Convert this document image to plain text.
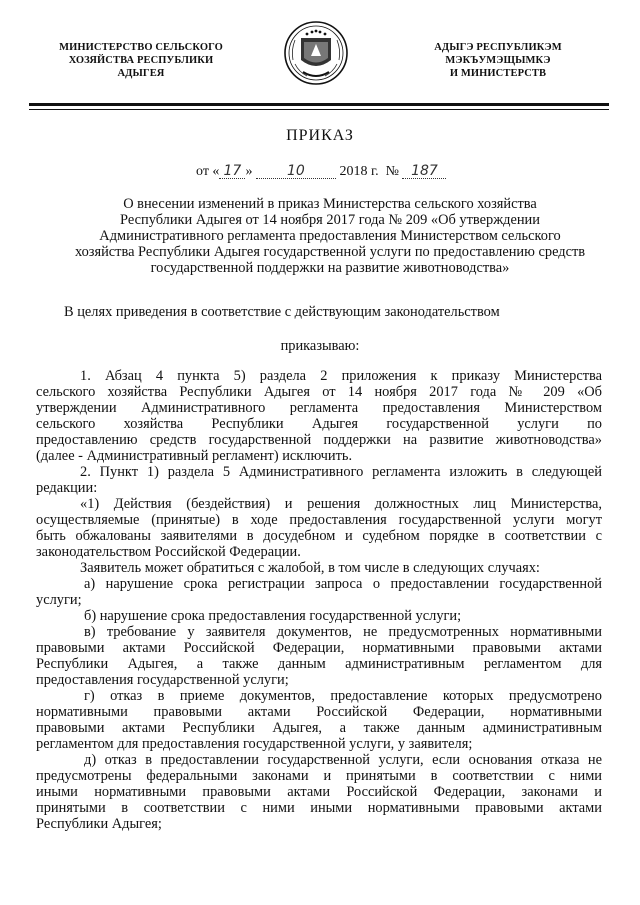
МИНИСТЕРСТВО СЕЛЬСКОГО
ХОЗЯЙСТВА РЕСПУБЛИКИ
АДЫГЕЯ
АДЫГЭ РЕСПУБЛИКЭМ
МЭКЪУМЭЩЫМКЭ
И МИНИСТЕРСТВ
ПРИКАЗ
от « 17 » 10 2018 г. № 187
О внесении изменений в приказ Министерства сельского хозяйства
Республики Адыгея от 14 ноября 2017 года № 209 «Об утверждении
Административного регламента предоставления Министерством сельского
хозяйства Республики Адыгея государственной услуги по предоставлению средств
государственной поддержки на развитие животноводства»
В целях приведения в соответствие с действующим законодательством
приказываю:
1. Абзац 4 пункта 5) раздела 2 приложения к приказу Министерства
сельского хозяйства Республики Адыгея от 14 ноября 2017 года № 209 «Об
утверждении Административного регламента предоставления Министерством
сельского хозяйства Республики Адыгея государственной услуги по
предоставлению средств государственной поддержки на развитие животноводства»
(далее - Административный регламент) исключить.
2. Пункт 1) раздела 5 Административного регламента изложить в следующей
редакции:
«1) Действия (бездействия) и решения должностных лиц Министерства,
осуществляемые (принятые) в ходе предоставления государственной услуги могут
быть обжалованы заявителями в досудебном и судебном порядке в соответствии с
законодательством Российской Федерации.
Заявитель может обратиться с жалобой, в том числе в следующих случаях:
а) нарушение срока регистрации запроса о предоставлении государственной
услуги;
б) нарушение срока предоставления государственной услуги;
в) требование у заявителя документов, не предусмотренных нормативными
правовыми актами Российской Федерации, нормативными правовыми актами
Республики Адыгея, а также данным административным регламентом для
предоставления государственной услуги;
г) отказ в приеме документов, предоставление которых предусмотрено
нормативными правовыми актами Российской Федерации, нормативными
правовыми актами Республики Адыгея, а также данным административным
регламентом для предоставления государственной услуги, у заявителя;
д) отказ в предоставлении государственной услуги, если основания отказа не
предусмотрены федеральными законами и принятыми в соответствии с ними
иными нормативными правовыми актами Российской Федерации, законами и
принятыми в соответствии с ними иными нормативными правовыми актами
Республики Адыгея;
